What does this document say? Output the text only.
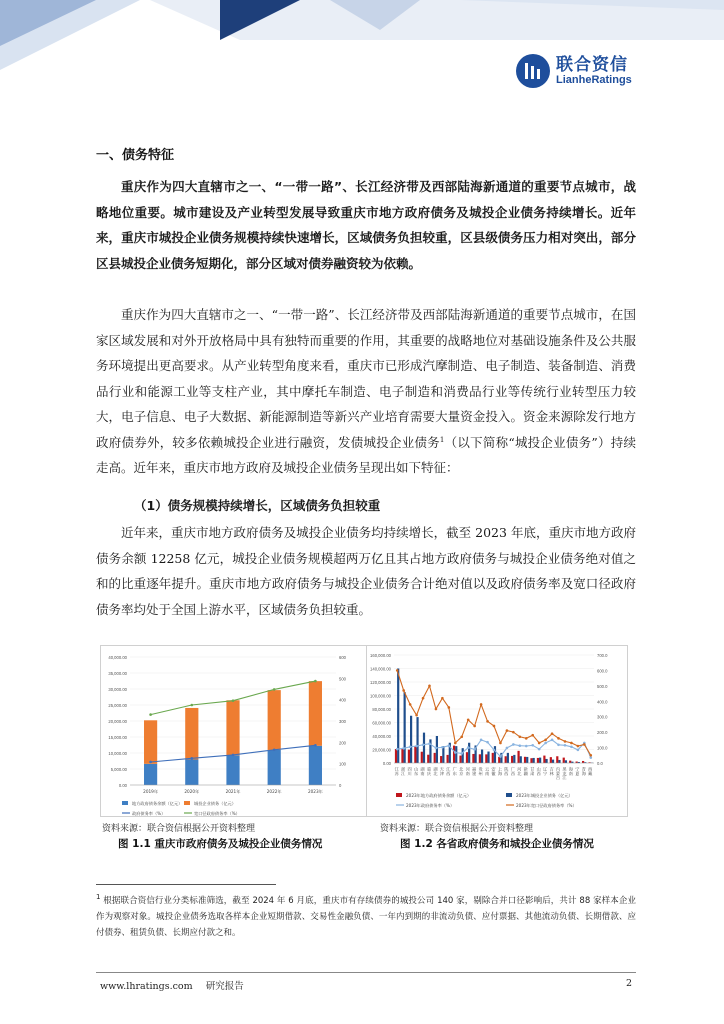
联合资信
LianheRatings
一、债务特征

重庆作为四大直辖市之一、“一带一路”、长江经济带及西部陆海新通道的重要节点城市，战略地位重要。城市建设及产业转型发展导致重庆市地方政府债务及城投企业债务持续增长。近年来，重庆市城投企业债务规模持续快速增长，区域债务负担较重，区县级债务压力相对突出，部分区县城投企业债务短期化，部分区域对债券融资较为依赖。

重庆作为四大直辖市之一、“一带一路”、长江经济带及西部陆海新通道的重要节点城市，在国家区域发展和对外开放格局中具有独特而重要的作用，其重要的战略地位对基础设施条件及公共服务环境提出更高要求。从产业转型角度来看，重庆市已形成汽摩制造、电子制造、装备制造、消费品行业和能源工业等支柱产业，其中摩托车制造、电子制造和消费品行业等传统行业转型压力较大，电子信息、电子大数据、新能源制造等新兴产业培育需要大量资金投入。资金来源除发行地方政府债券外，较多依赖城投企业进行融资，发债城投企业债务$^1$（以下简称“城投企业债务”）持续走高。近年来，重庆市地方政府及城投企业债务呈现出如下特征：

（1）债务规模持续增长，区域债务负担较重

近年来，重庆市地方政府债务及城投企业债务均持续增长，截至 2023 年底，重庆市地方政府债务余额 12258 亿元，城投企业债务规模超两万亿且其占地方政府债务与城投企业债务绝对值之和的比重逐年提升。重庆市地方政府债务与城投企业债务合计绝对值以及政府债务率及宽口径政府债务率均处于全国上游水平，区域债务负担较重。

0.00
5,000.00
10,000.00
15,000.00
20,000.00
25,000.00
30,000.00
35,000.00
40,000.00
0
100
200
300
400
500
600
2019年	2020年	2021年	2022年	2023年
地方政府债务余额（亿元）	城投企业债务（亿元）
政府债务率（%）	宽口径政府债务率（%）
资料来源：联合资信根据公开资料整理
图 1.1 重庆市政府债务及城投企业债务情况
0.00
20,000.00
40,000.00
60,000.00
80,000.00
100,000.00
120,000.00
140,000.00
160,000.00
0.0
100.0
200.0
300.0
400.0
500.0
600.0
700.0
江苏 浙江 四川 山东 湖南 重庆 湖北 天津 江西 广东 北京 河南 福建 贵州 云南 安徽 上海 陕西 广西 河北 新疆 甘肃 山西 辽宁 吉林 内蒙古 黑龙江 海南 宁夏 青海 西藏
2023年地方政府债务余额（亿元）	2023年城投企业债务（亿元）
2023年政府债务率（%）	2023年宽口径政府债务率（%）
资料来源：联合资信根据公开资料整理
图 1.2 各省政府债务和城投企业债务情况

$^1$ 根据联合资信行业分类标准筛选，截至 2024 年 6 月底，重庆市有存续债券的城投公司 140 家，剔除合并口径影响后，共计 88 家样本企业作为观察对象。城投企业债务选取各样本企业短期借款、交易性金融负债、一年内到期的非流动负债、应付票据、其他流动负债、长期借款、应付债券、租赁负债、长期应付款之和。

www.lhratings.com 研究报告	2
